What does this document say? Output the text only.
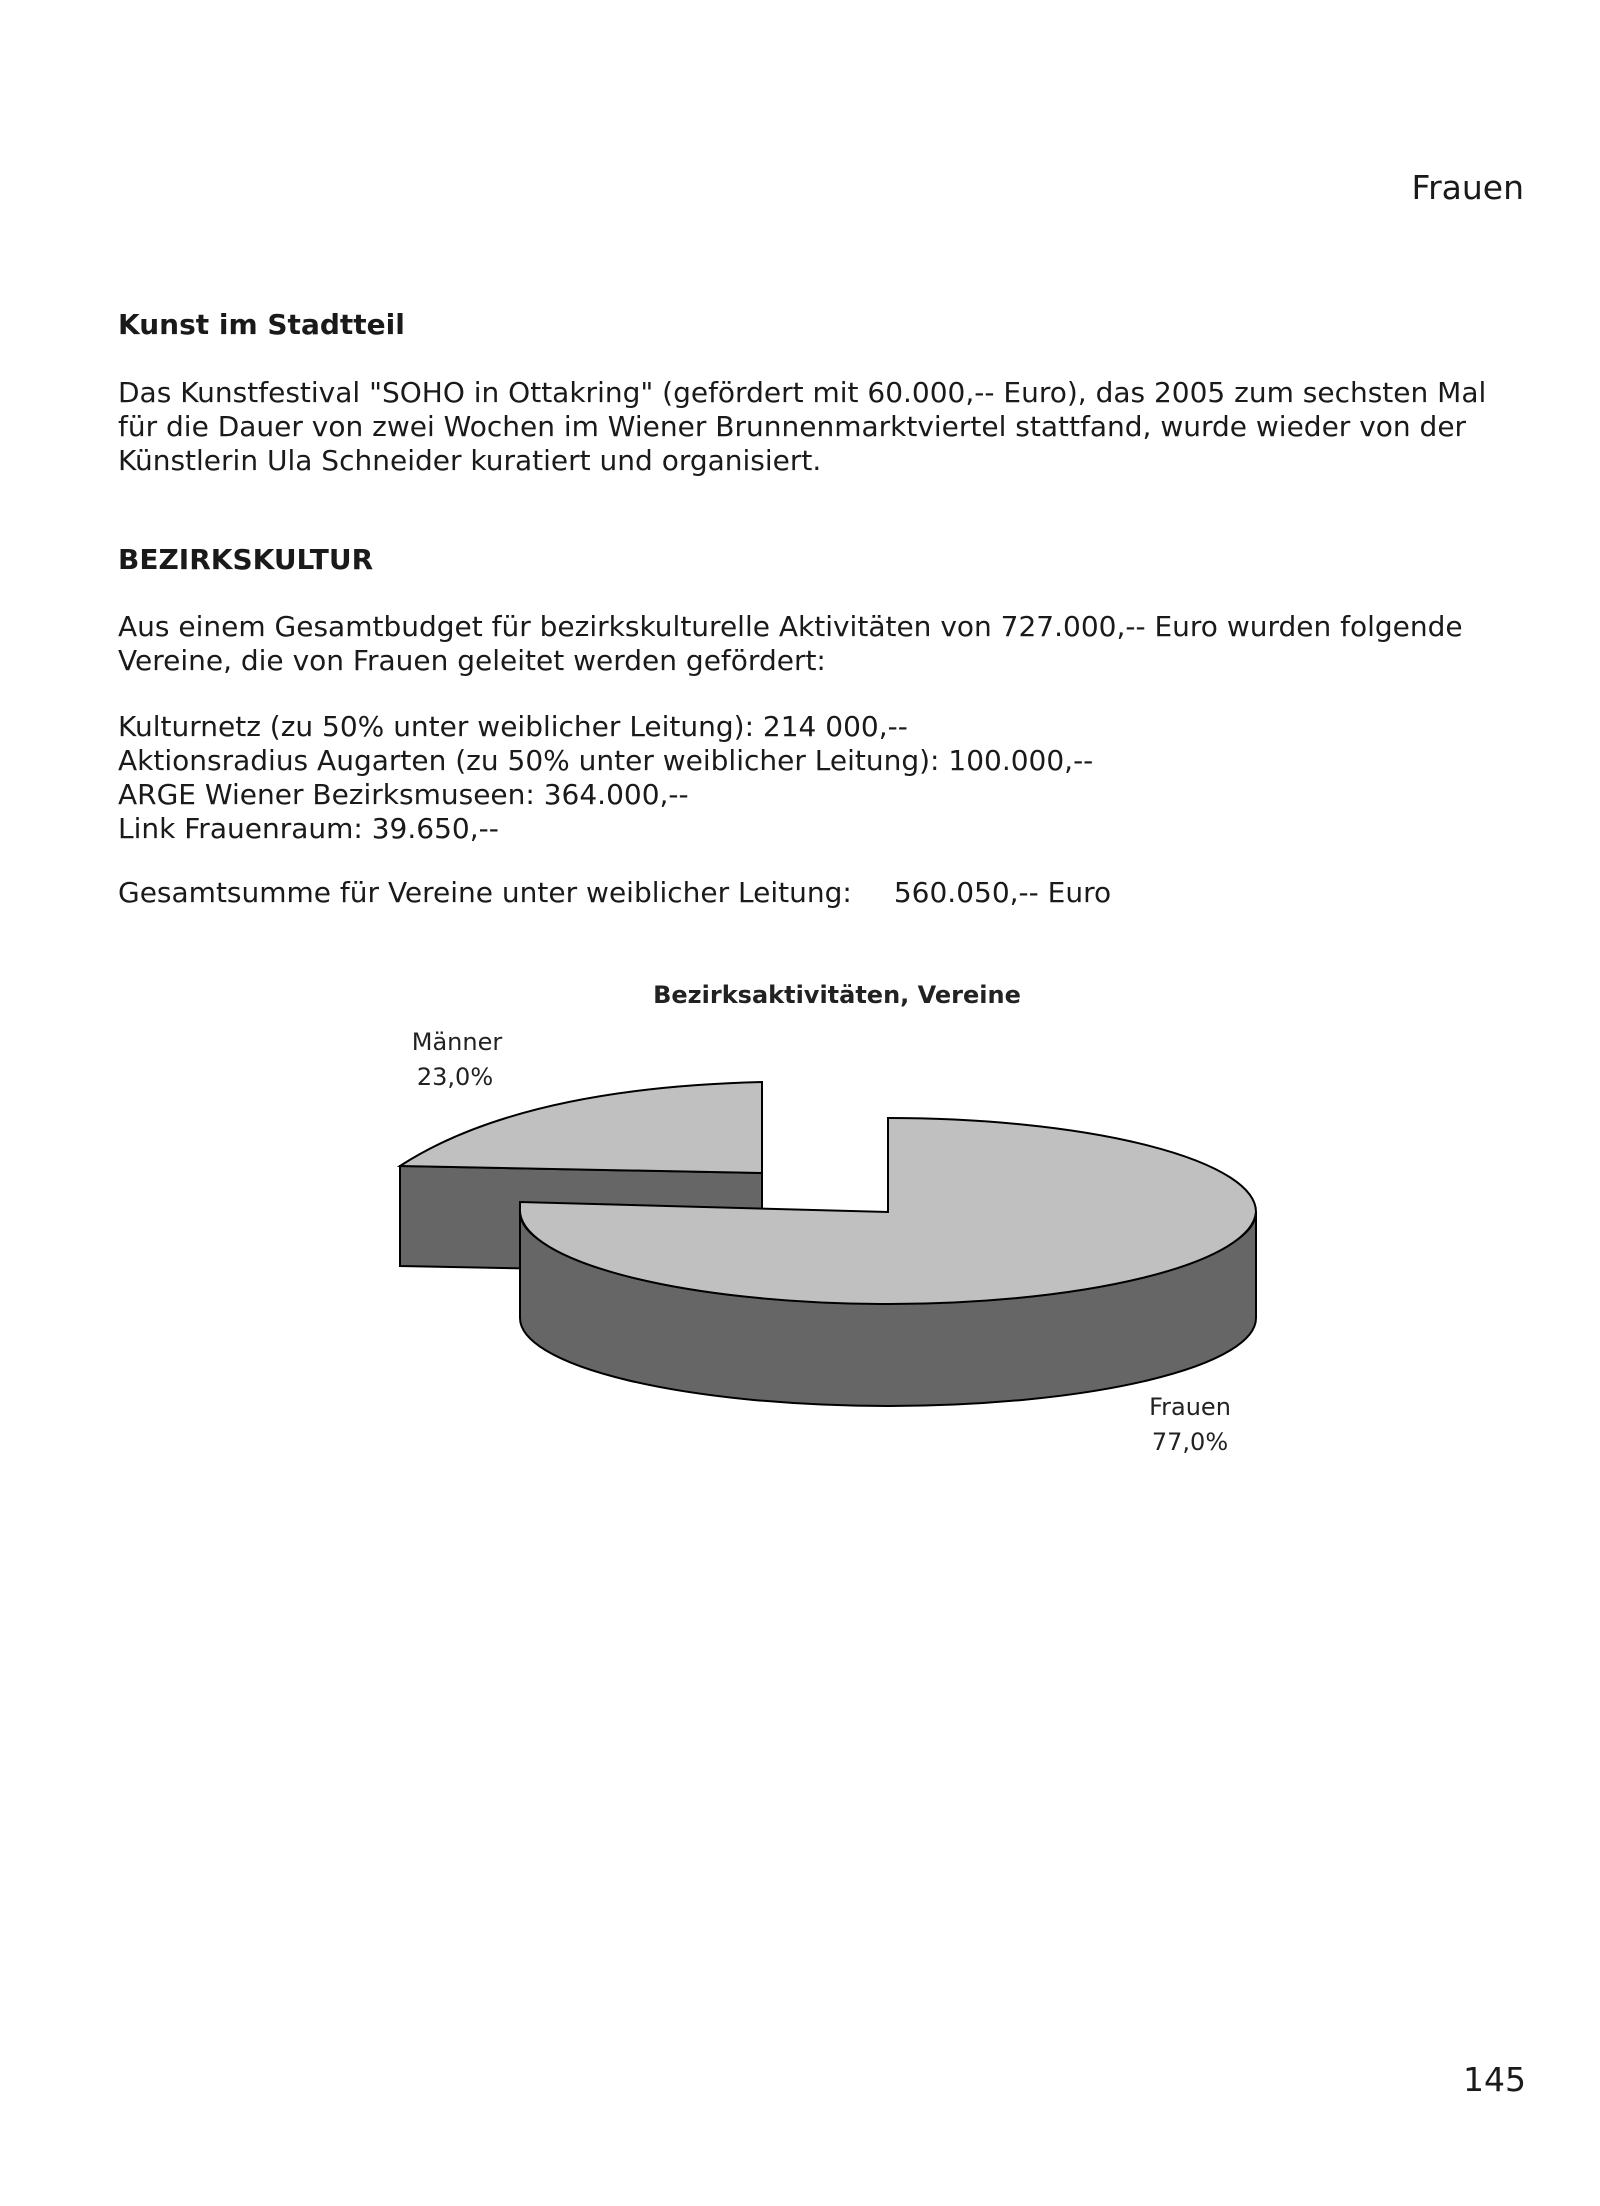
Frauen
Kunst im Stadtteil
Das Kunstfestival "SOHO in Ottakring" (gefördert mit 60.000,-- Euro), das 2005 zum sechsten Mal
für die Dauer von zwei Wochen im Wiener Brunnenmarktviertel stattfand, wurde wieder von der
Künstlerin Ula Schneider kuratiert und organisiert.
BEZIRKSKULTUR
Aus einem Gesamtbudget für bezirkskulturelle Aktivitäten von 727.000,-- Euro wurden folgende
Vereine, die von Frauen geleitet werden gefördert:
Kulturnetz (zu 50% unter weiblicher Leitung): 214 000,--
Aktionsradius Augarten (zu 50% unter weiblicher Leitung): 100.000,--
ARGE Wiener Bezirksmuseen: 364.000,--
Link Frauenraum: 39.650,--
Gesamtsumme für Vereine unter weiblicher Leitung: 560.050,-- Euro
Bezirksaktivitäten, Vereine
Männer
23,0%
Frauen
77,0%
145
